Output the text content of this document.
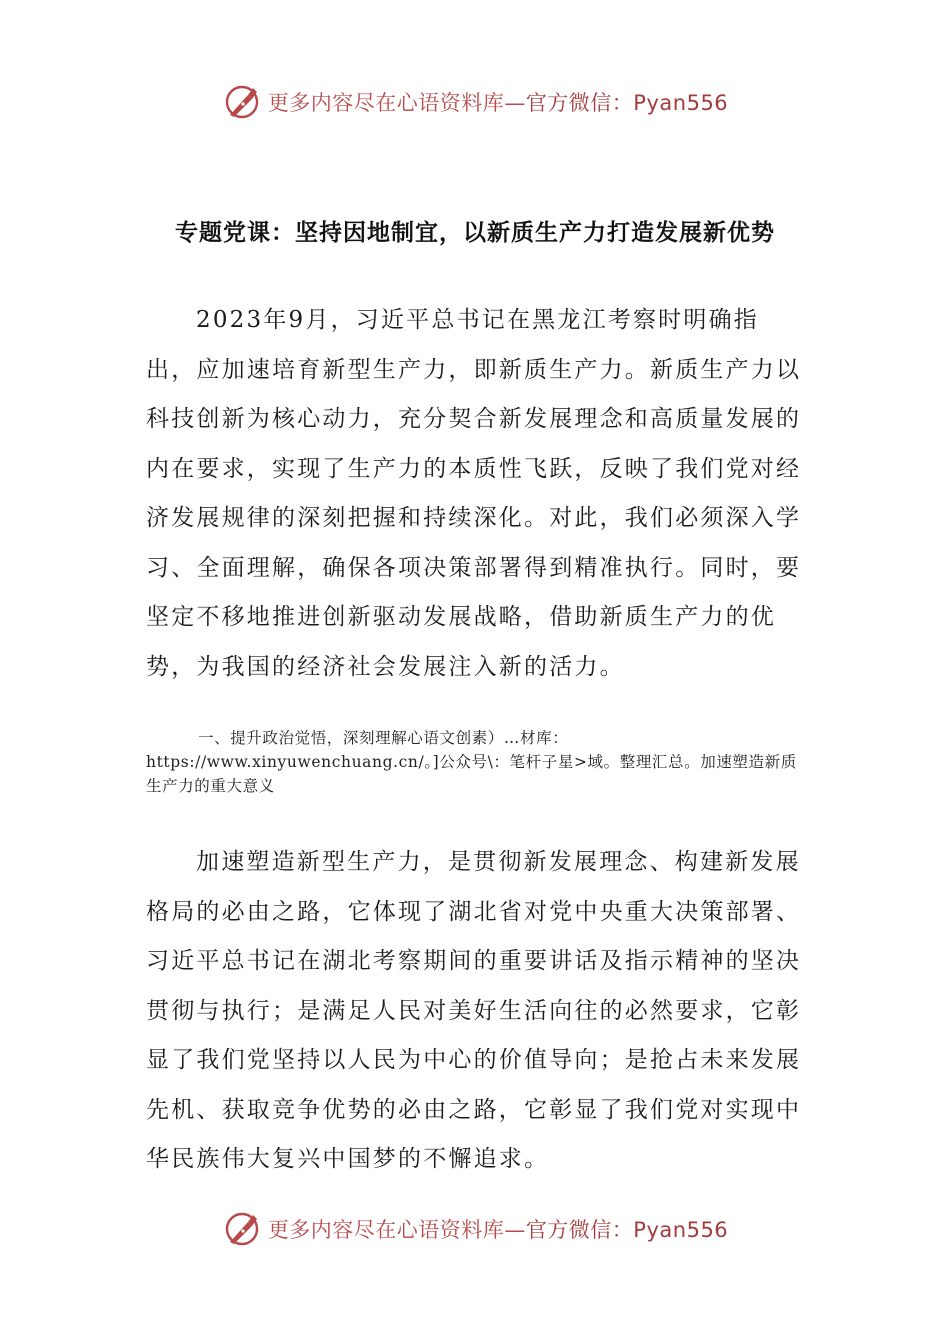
更多内容尽在心语资料库—官方微信：Pyan556
专题党课：坚持因地制宜，以新质生产力打造发展新优势

2023年9月，习近平总书记在黑龙江考察时明确指出，应加速培育新型生产力，即新质生产力。新质生产力以科技创新为核心动力，充分契合新发展理念和高质量发展的内在要求，实现了生产力的本质性飞跃，反映了我们党对经济发展规律的深刻把握和持续深化。对此，我们必须深入学习、全面理解，确保各项决策部署得到精准执行。同时，要坚定不移地推进创新驱动发展战略，借助新质生产力的优势，为我国的经济社会发展注入新的活力。

一、提升政治觉悟，深刻理解心语文创素）…材库：https://www.xinyuwenchuang.cn/。]公众号\：笔杆子星>域。整理汇总。加速塑造新质生产力的重大意义

加速塑造新型生产力，是贯彻新发展理念、构建新发展格局的必由之路，它体现了湖北省对党中央重大决策部署、习近平总书记在湖北考察期间的重要讲话及指示精神的坚决贯彻与执行；是满足人民对美好生活向往的必然要求，它彰显了我们党坚持以人民为中心的价值导向；是抢占未来发展先机、获取竞争优势的必由之路，它彰显了我们党对实现中华民族伟大复兴中国梦的不懈追求。

更多内容尽在心语资料库—官方微信：Pyan556
